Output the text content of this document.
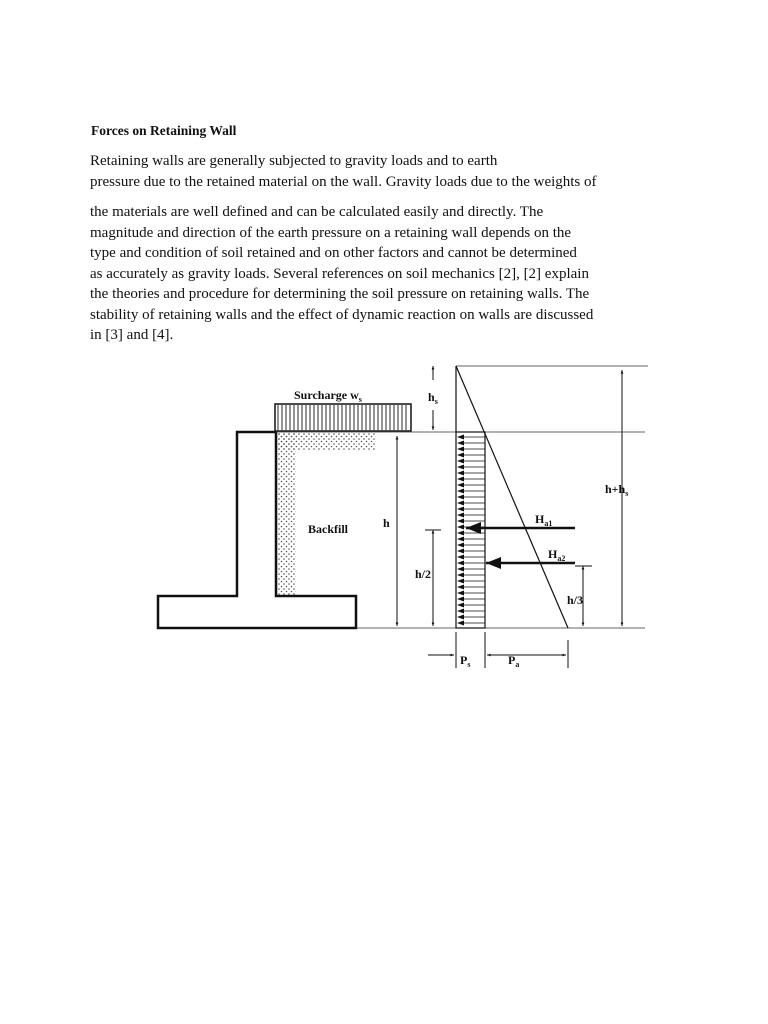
Forces on Retaining Wall

Retaining walls are generally subjected to gravity loads and to earth
pressure due to the retained material on the wall. Gravity loads due to the weights of

the materials are well defined and can be calculated easily and directly. The
magnitude and direction of the earth pressure on a retaining wall depends on the
type and condition of soil retained and on other factors and cannot be determined
as accurately as gravity loads. Several references on soil mechanics [2], [2] explain
the theories and procedure for determining the soil pressure on retaining walls. The
stability of retaining walls and the effect of dynamic reaction on walls are discussed
in [3] and [4].

Surcharge $w_s$	$h_s$
$h+h_s$
Backfill	h
h/2
h/3
$H_{a1}$
$H_{a2}$
$P_s$	$P_a$
